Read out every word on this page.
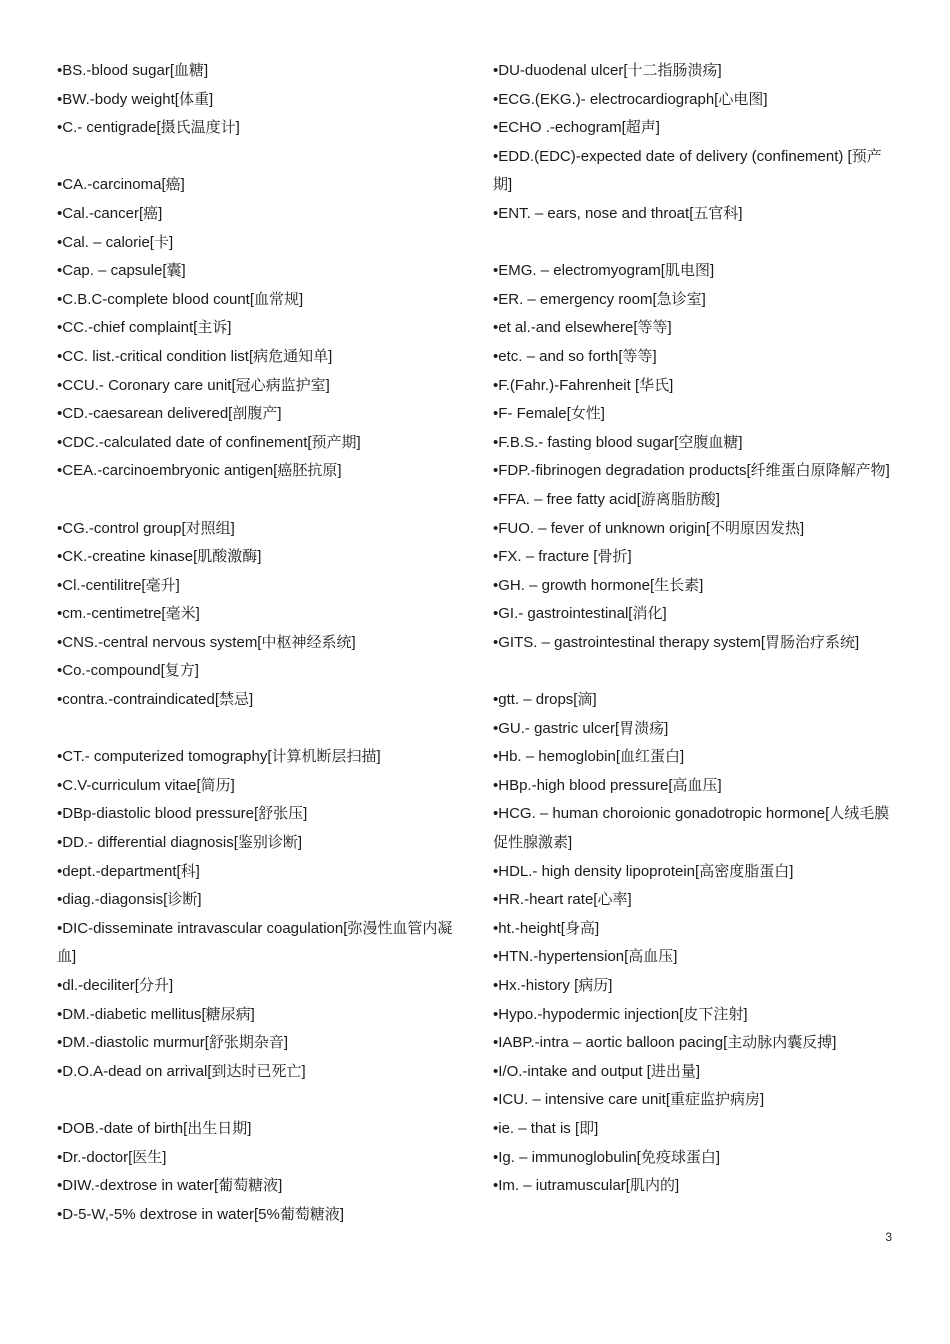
•BS.-blood sugar[血糖]
•BW.-body weight[体重]
•C.- centigrade[摄氏温度计]
•CA.-carcinoma[癌]
•Cal.-cancer[癌]
•Cal. – calorie[卡]
•Cap. – capsule[囊]
•C.B.C-complete blood count[血常规]
•CC.-chief complaint[主诉]
•CC. list.-critical condition list[病危通知单]
•CCU.- Coronary care unit[冠心病监护室]
•CD.-caesarean delivered[剖腹产]
•CDC.-calculated date of confinement[预产期]
•CEA.-carcinoembryonic antigen[癌胚抗原]
•CG.-control group[对照组]
•CK.-creatine kinase[肌酸激酶]
•Cl.-centilitre[毫升]
•cm.-centimetre[毫米]
•CNS.-central nervous system[中枢神经系统]
•Co.-compound[复方]
•contra.-contraindicated[禁忌]
•CT.- computerized tomography[计算机断层扫描]
•C.V-curriculum vitae[简历]
•DBp-diastolic blood pressure[舒张压]
•DD.- differential diagnosis[鉴别诊断]
•dept.-department[科]
•diag.-diagonsis[诊断]
•DIC-disseminate intravascular coagulation[弥漫性血管内凝血]
•dl.-deciliter[分升]
•DM.-diabetic mellitus[糖尿病]
•DM.-diastolic murmur[舒张期杂音]
•D.O.A-dead on arrival[到达时已死亡]
•DOB.-date of birth[出生日期]
•Dr.-doctor[医生]
•DIW.-dextrose in water[葡萄糖液]
•D-5-W,-5% dextrose in water[5%葡萄糖液]
•DU-duodenal ulcer[十二指肠溃疡]
•ECG.(EKG.)- electrocardiograph[心电图]
•ECHO .-echogram[超声]
•EDD.(EDC)-expected date of delivery (confinement) [预产期]
•ENT. – ears, nose and throat[五官科]
•EMG. – electromyogram[肌电图]
•ER. – emergency room[急诊室]
•et al.-and elsewhere[等等]
•etc. – and so forth[等等]
•F.(Fahr.)-Fahrenheit [华氏]
•F- Female[女性]
•F.B.S.- fasting blood sugar[空腹血糖]
•FDP.-fibrinogen degradation products[纤维蛋白原降解产物]
•FFA. – free fatty acid[游离脂肪酸]
•FUO. – fever of unknown origin[不明原因发热]
•FX. – fracture [骨折]
•GH. – growth hormone[生长素]
•GI.- gastrointestinal[消化]
•GITS. – gastrointestinal therapy system[胃肠治疗系统]
•gtt. – drops[滴]
•GU.- gastric ulcer[胃溃疡]
•Hb. – hemoglobin[血红蛋白]
•HBp.-high blood pressure[高血压]
•HCG. – human choroionic gonadotropic hormone[人绒毛膜促性腺激素]
•HDL.- high density lipoprotein[高密度脂蛋白]
•HR.-heart rate[心率]
•ht.-height[身高]
•HTN.-hypertension[高血压]
•Hx.-history [病历]
•Hypo.-hypodermic injection[皮下注射]
•IABP.-intra – aortic balloon pacing[主动脉内囊反搏]
•I/O.-intake and output [进出量]
•ICU. – intensive care unit[重症监护病房]
•ie. – that is [即]
•Ig. – immunoglobulin[免疫球蛋白]
•Im. – iutramuscular[肌内的]
3
